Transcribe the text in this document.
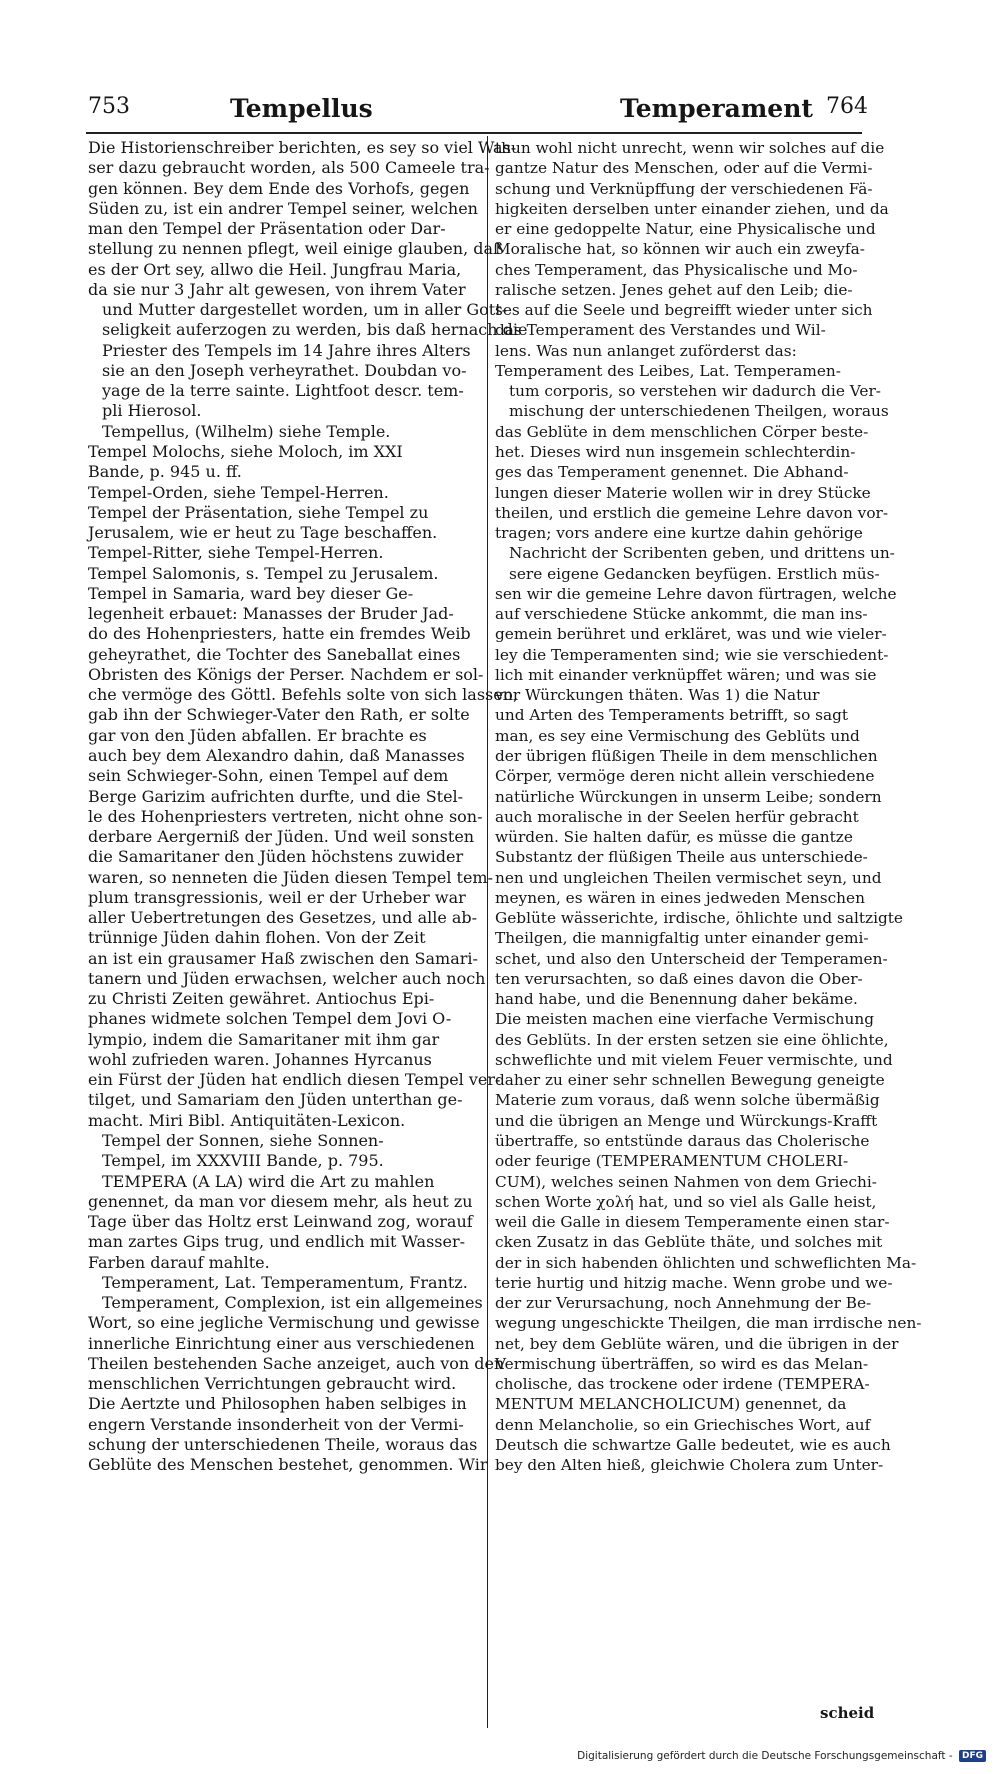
753	Tempellus	Temperament 764
Die Historienschreiber berichten, es sey so viel Was-
ser dazu gebraucht worden, als 500 Cameele tra-
gen können. Bey dem Ende des Vorhofs, gegen
Süden zu, ist ein andrer Tempel seiner, welchen
man den Tempel der Präsentation oder Dar-
stellung zu nennen pflegt, weil einige glauben, daß
es der Ort sey, allwo die Heil. Jungfrau Maria,
da sie nur 3 Jahr alt gewesen, von ihrem Vater
und Mutter dargestellet worden, um in aller Gott-
seligkeit auferzogen zu werden, bis daß hernach die
Priester des Tempels im 14 Jahre ihres Alters
sie an den Joseph verheyrathet. Doubdan vo-
yage de la terre sainte. Lightfoot descr. tem-
pli Hierosol.
Tempellus, (Wilhelm) siehe Temple.
Tempel Molochs, siehe Moloch, im XXI
Bande, p. 945 u. ff.
Tempel-Orden, siehe Tempel-Herren.
Tempel der Präsentation, siehe Tempel zu
Jerusalem, wie er heut zu Tage beschaffen.
Tempel-Ritter, siehe Tempel-Herren.
Tempel Salomonis, s. Tempel zu Jerusalem.
Tempel in Samaria, ward bey dieser Ge-
legenheit erbauet: Manasses der Bruder Jad-
do des Hohenpriesters, hatte ein fremdes Weib
geheyrathet, die Tochter des Saneballat eines
Obristen des Königs der Perser. Nachdem er sol-
che vermöge des Göttl. Befehls solte von sich lassen,
gab ihn der Schwieger-Vater den Rath, er solte
gar von den Jüden abfallen. Er brachte es
auch bey dem Alexandro dahin, daß Manasses
sein Schwieger-Sohn, einen Tempel auf dem
Berge Garizim aufrichten durfte, und die Stel-
le des Hohenpriesters vertreten, nicht ohne son-
derbare Aergerniß der Jüden. Und weil sonsten
die Samaritaner den Jüden höchstens zuwider
waren, so nenneten die Jüden diesen Tempel tem-
plum transgressionis, weil er der Urheber war
aller Uebertretungen des Gesetzes, und alle ab-
trünnige Jüden dahin flohen. Von der Zeit
an ist ein grausamer Haß zwischen den Samari-
tanern und Jüden erwachsen, welcher auch noch
zu Christi Zeiten gewähret. Antiochus Epi-
phanes widmete solchen Tempel dem Jovi O-
lympio, indem die Samaritaner mit ihm gar
wohl zufrieden waren. Johannes Hyrcanus
ein Fürst der Jüden hat endlich diesen Tempel ver-
tilget, und Samariam den Jüden unterthan ge-
macht. Miri Bibl. Antiquitäten-Lexicon.
Tempel der Sonnen, siehe Sonnen-
Tempel, im XXXVIII Bande, p. 795.
TEMPERA (A LA) wird die Art zu mahlen
genennet, da man vor diesem mehr, als heut zu
Tage über das Holtz erst Leinwand zog, worauf
man zartes Gips trug, und endlich mit Wasser-
Farben darauf mahlte.
Temperament, Lat. Temperamentum, Frantz.
Temperament, Complexion, ist ein allgemeines
Wort, so eine jegliche Vermischung und gewisse
innerliche Einrichtung einer aus verschiedenen
Theilen bestehenden Sache anzeiget, auch von den
menschlichen Verrichtungen gebraucht wird.
Die Aertzte und Philosophen haben selbiges in
engern Verstande insonderheit von der Vermi-
schung der unterschiedenen Theile, woraus das
Geblüte des Menschen bestehet, genommen. Wir
thun wohl nicht unrecht, wenn wir solches auf die
gantze Natur des Menschen, oder auf die Vermi-
schung und Verknüpffung der verschiedenen Fä-
higkeiten derselben unter einander ziehen, und da
er eine gedoppelte Natur, eine Physicalische und
Moralische hat, so können wir auch ein zweyfa-
ches Temperament, das Physicalische und Mo-
ralische setzen. Jenes gehet auf den Leib; die-
ses auf die Seele und begreifft wieder unter sich
das Temperament des Verstandes und Wil-
lens. Was nun anlanget zuförderst das:
Temperament des Leibes, Lat. Temperamen-
tum corporis, so verstehen wir dadurch die Ver-
mischung der unterschiedenen Theilgen, woraus
das Geblüte in dem menschlichen Cörper beste-
het. Dieses wird nun insgemein schlechterdin-
ges das Temperament genennet. Die Abhand-
lungen dieser Materie wollen wir in drey Stücke
theilen, und erstlich die gemeine Lehre davon vor-
tragen; vors andere eine kurtze dahin gehörige
Nachricht der Scribenten geben, und drittens un-
sere eigene Gedancken beyfügen. Erstlich müs-
sen wir die gemeine Lehre davon fürtragen, welche
auf verschiedene Stücke ankommt, die man ins-
gemein berühret und erkläret, was und wie vieler-
ley die Temperamenten sind; wie sie verschiedent-
lich mit einander verknüpffet wären; und was sie
vor Würckungen thäten. Was 1) die Natur
und Arten des Temperaments betrifft, so sagt
man, es sey eine Vermischung des Geblüts und
der übrigen flüßigen Theile in dem menschlichen
Cörper, vermöge deren nicht allein verschiedene
natürliche Würckungen in unserm Leibe; sondern
auch moralische in der Seelen herfür gebracht
würden. Sie halten dafür, es müsse die gantze
Substantz der flüßigen Theile aus unterschiede-
nen und ungleichen Theilen vermischet seyn, und
meynen, es wären in eines jedweden Menschen
Geblüte wässerichte, irdische, öhlichte und saltzigte
Theilgen, die mannigfaltig unter einander gemi-
schet, und also den Unterscheid der Temperamen-
ten verursachten, so daß eines davon die Ober-
hand habe, und die Benennung daher bekäme.
Die meisten machen eine vierfache Vermischung
des Geblüts. In der ersten setzen sie eine öhlichte,
schweflichte und mit vielem Feuer vermischte, und
daher zu einer sehr schnellen Bewegung geneigte
Materie zum voraus, daß wenn solche übermäßig
und die übrigen an Menge und Würckungs-Krafft
übertraffe, so entstünde daraus das Cholerische
oder feurige (TEMPERAMENTUM CHOLERI-
CUM), welches seinen Nahmen von dem Griechi-
schen Worte χολή hat, und so viel als Galle heist,
weil die Galle in diesem Temperamente einen star-
cken Zusatz in das Geblüte thäte, und solches mit
der in sich habenden öhlichten und schweflichten Ma-
terie hurtig und hitzig mache. Wenn grobe und we-
der zur Verursachung, noch Annehmung der Be-
wegung ungeschickte Theilgen, die man irrdische nen-
net, bey dem Geblüte wären, und die übrigen in der
Vermischung überträffen, so wird es das Melan-
cholische, das trockene oder irdene (TEMPERA-
MENTUM MELANCHOLICUM) genennet, da
denn Melancholie, so ein Griechisches Wort, auf
Deutsch die schwartze Galle bedeutet, wie es auch
bey den Alten hieß, gleichwie Cholera zum Unter-
scheid
Digitalisierung gefördert durch die Deutsche Forschungsgemeinschaft - DFG
